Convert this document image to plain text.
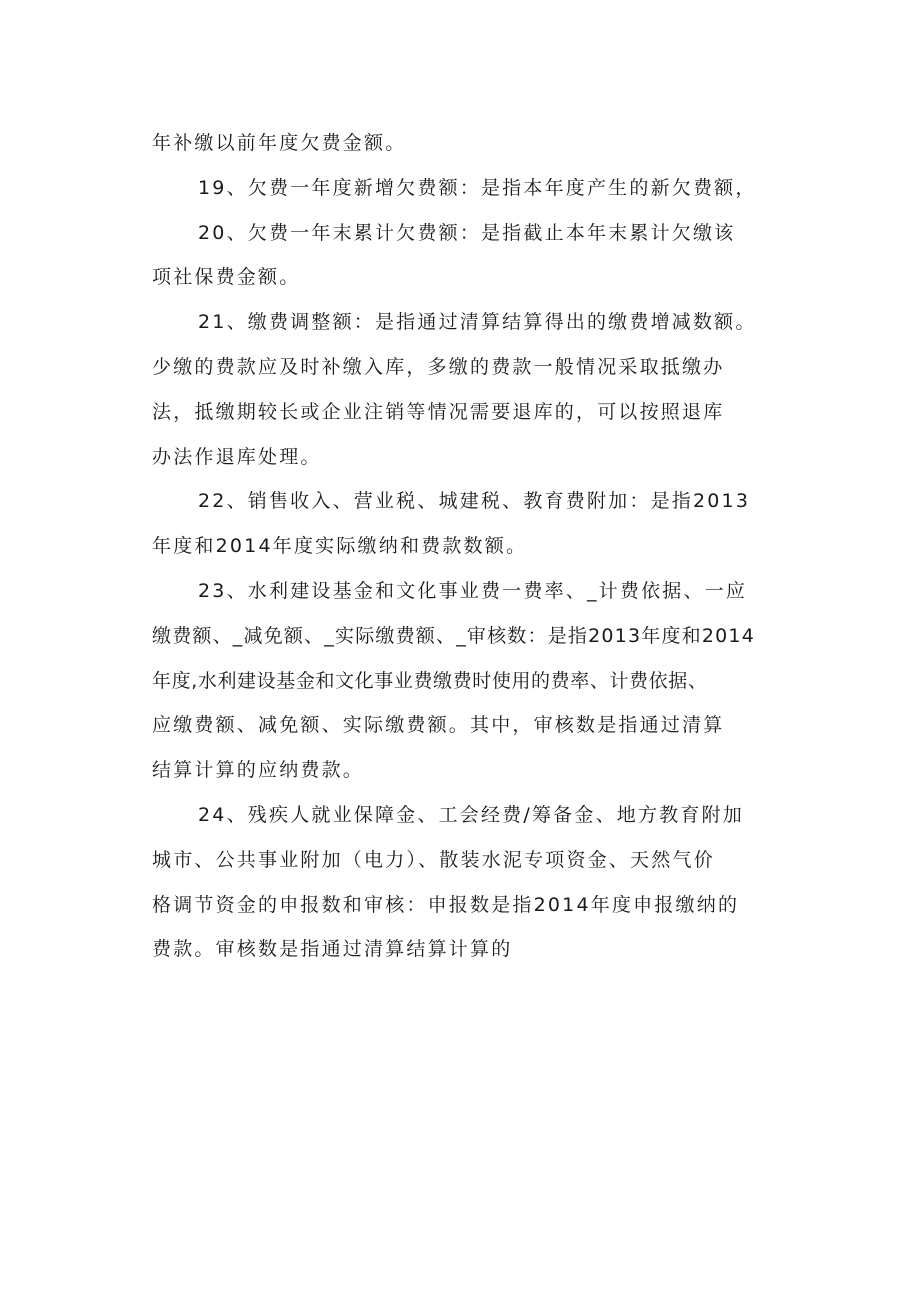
年补缴以前年度欠费金额。

19、欠费一年度新增欠费额：是指本年度产生的新欠费额，

20、欠费一年末累计欠费额：是指截止本年末累计欠缴该
项社保费金额。

21、缴费调整额：是指通过清算结算得出的缴费增减数额。
少缴的费款应及时补缴入库，多缴的费款一般情况采取抵缴办
法，抵缴期较长或企业注销等情况需要退库的，可以按照退库
办法作退库处理。

22、销售收入、营业税、城建税、教育费附加：是指2013
年度和2014年度实际缴纳和费款数额。

23、水利建设基金和文化事业费一费率、_计费依据、一应
缴费额、_减免额、_实际缴费额、_审核数：是指2013年度和2014
年度,水利建设基金和文化事业费缴费时使用的费率、计费依据、
应缴费额、减免额、实际缴费额。其中，审核数是指通过清算
结算计算的应纳费款。

24、残疾人就业保障金、工会经费/筹备金、地方教育附加
城市、公共事业附加（电力）、散装水泥专项资金、天然气价
格调节资金的申报数和审核：申报数是指2014年度申报缴纳的
费款。审核数是指通过清算结算计算的
